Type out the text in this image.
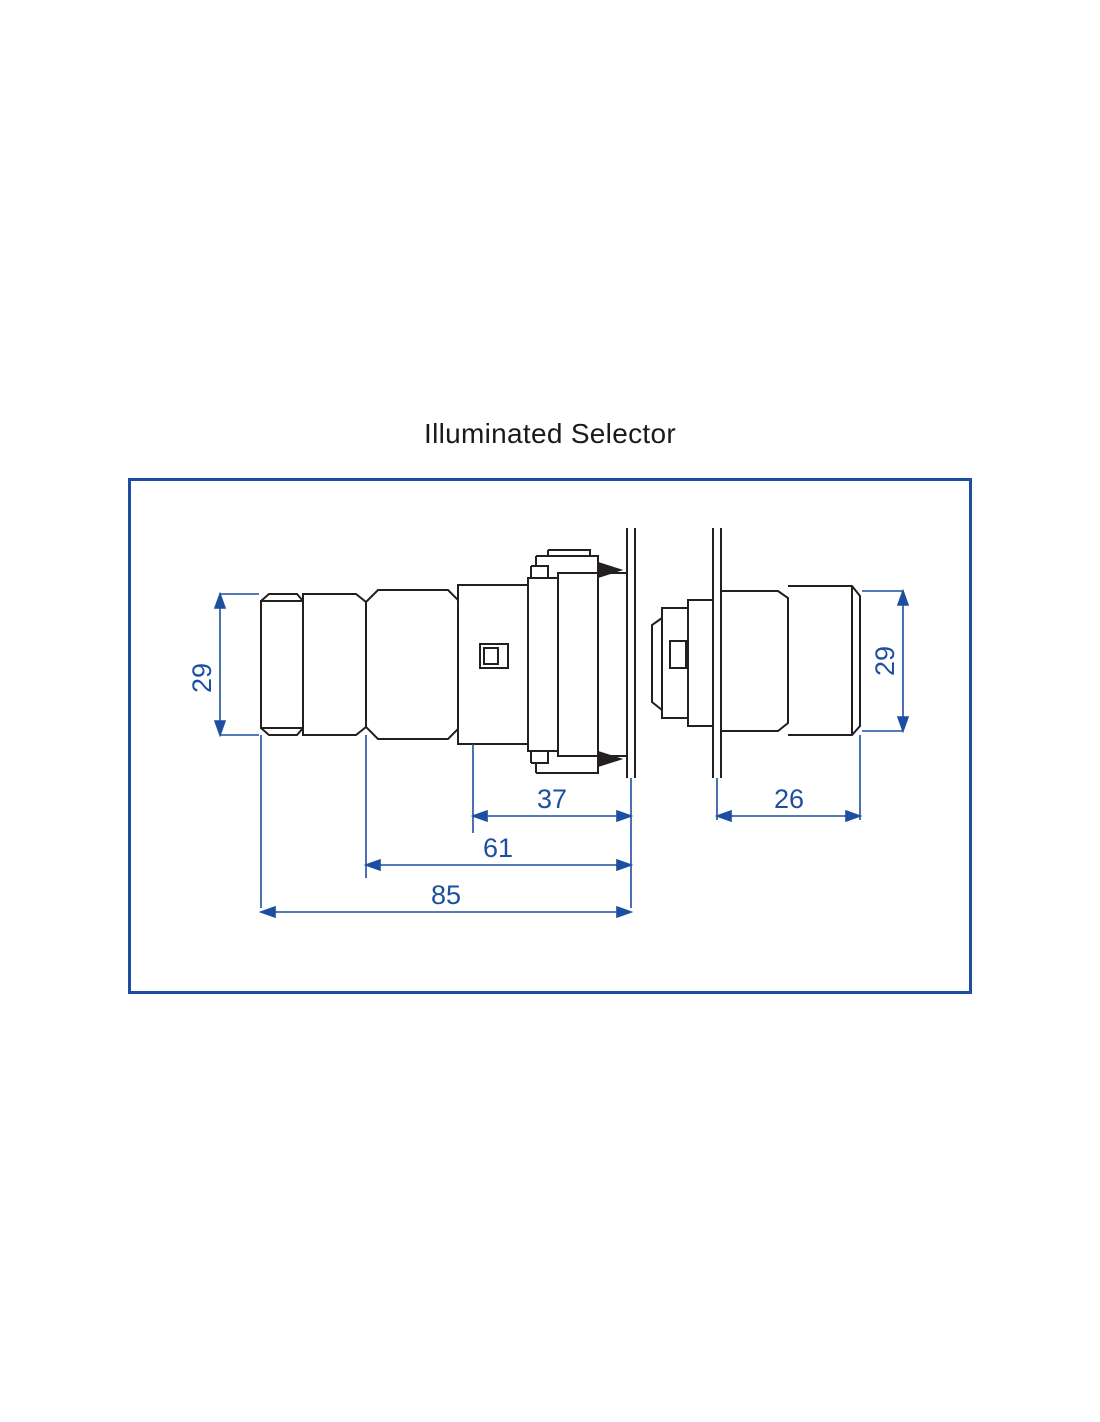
Illuminated Selector
29
37
61
85
29
26
